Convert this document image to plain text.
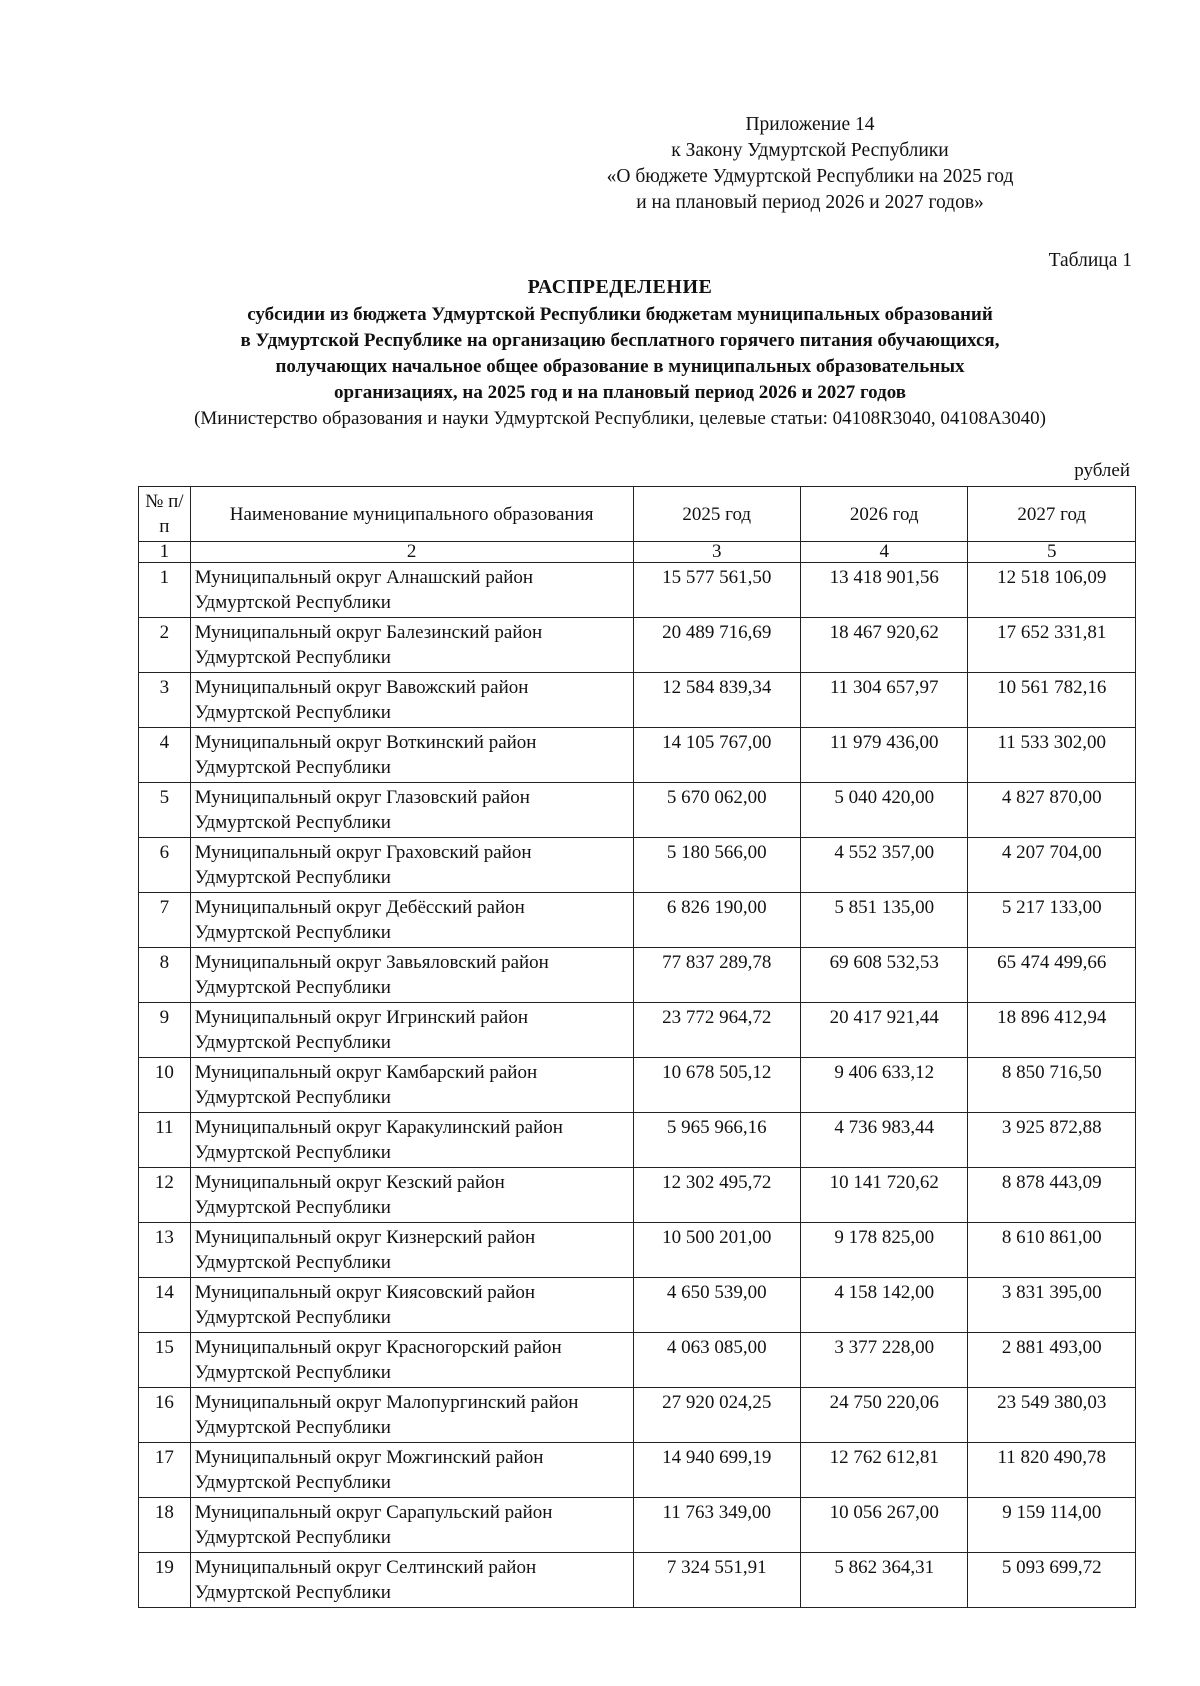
Приложение 14
к Закону Удмуртской Республики
«О бюджете Удмуртской Республики на 2025 год
и на плановый период 2026 и 2027 годов»
Таблица 1
РАСПРЕДЕЛЕНИЕ
субсидии из бюджета Удмуртской Республики бюджетам муниципальных образований
в Удмуртской Республике на организацию бесплатного горячего питания обучающихся,
получающих начальное общее образование в муниципальных образовательных
организациях, на 2025 год и на плановый период 2026 и 2027 годов
(Министерство образования и науки Удмуртской Республики, целевые статьи: 04108R3040, 04108A3040)
рублей
№ п/п	Наименование муниципального образования	2025 год	2026 год	2027 год
1	2	3	4	5
1	Муниципальный округ Алнашский район
Удмуртской Республики	15 577 561,50	13 418 901,56	12 518 106,09
2	Муниципальный округ Балезинский район
Удмуртской Республики	20 489 716,69	18 467 920,62	17 652 331,81
3	Муниципальный округ Вавожский район
Удмуртской Республики	12 584 839,34	11 304 657,97	10 561 782,16
4	Муниципальный округ Воткинский район
Удмуртской Республики	14 105 767,00	11 979 436,00	11 533 302,00
5	Муниципальный округ Глазовский район
Удмуртской Республики	5 670 062,00	5 040 420,00	4 827 870,00
6	Муниципальный округ Граховский район
Удмуртской Республики	5 180 566,00	4 552 357,00	4 207 704,00
7	Муниципальный округ Дебёсский район
Удмуртской Республики	6 826 190,00	5 851 135,00	5 217 133,00
8	Муниципальный округ Завьяловский район
Удмуртской Республики	77 837 289,78	69 608 532,53	65 474 499,66
9	Муниципальный округ Игринский район
Удмуртской Республики	23 772 964,72	20 417 921,44	18 896 412,94
10	Муниципальный округ Камбарский район
Удмуртской Республики	10 678 505,12	9 406 633,12	8 850 716,50
11	Муниципальный округ Каракулинский район
Удмуртской Республики	5 965 966,16	4 736 983,44	3 925 872,88
12	Муниципальный округ Кезский район
Удмуртской Республики	12 302 495,72	10 141 720,62	8 878 443,09
13	Муниципальный округ Кизнерский район
Удмуртской Республики	10 500 201,00	9 178 825,00	8 610 861,00
14	Муниципальный округ Киясовский район
Удмуртской Республики	4 650 539,00	4 158 142,00	3 831 395,00
15	Муниципальный округ Красногорский район
Удмуртской Республики	4 063 085,00	3 377 228,00	2 881 493,00
16	Муниципальный округ Малопургинский район
Удмуртской Республики	27 920 024,25	24 750 220,06	23 549 380,03
17	Муниципальный округ Можгинский район
Удмуртской Республики	14 940 699,19	12 762 612,81	11 820 490,78
18	Муниципальный округ Сарапульский район
Удмуртской Республики	11 763 349,00	10 056 267,00	9 159 114,00
19	Муниципальный округ Селтинский район
Удмуртской Республики	7 324 551,91	5 862 364,31	5 093 699,72
